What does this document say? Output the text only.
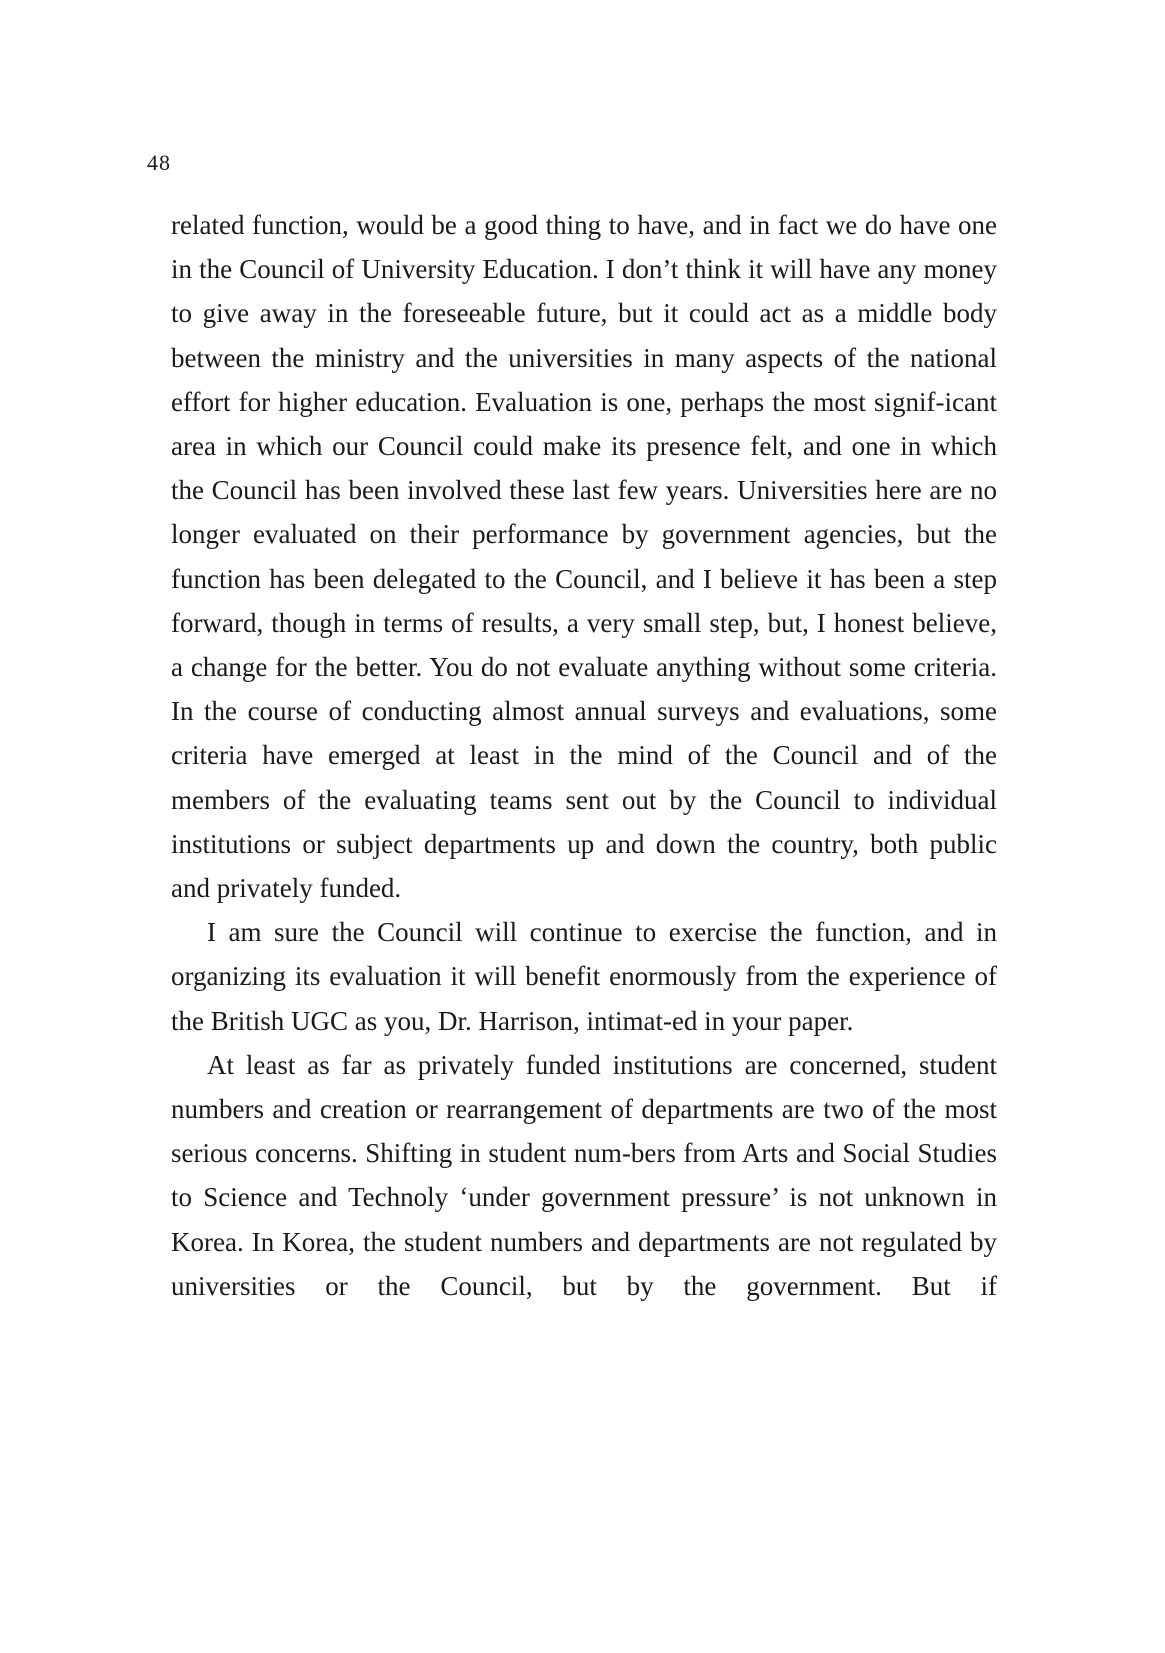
48

related function, would be a good thing to have, and in fact we do have one in the Council of University Education. I don’t think it will have any money to give away in the foreseeable future, but it could act as a middle body between the ministry and the universities in many aspects of the national effort for higher education. Evaluation is one, perhaps the most signif-icant area in which our Council could make its presence felt, and one in which the Council has been involved these last few years. Universities here are no longer evaluated on their performance by government agencies, but the function has been delegated to the Council, and I believe it has been a step forward, though in terms of results, a very small step, but, I honest believe, a change for the better. You do not evaluate anything without some criteria. In the course of conducting almost annual surveys and evaluations, some criteria have emerged at least in the mind of the Council and of the members of the evaluating teams sent out by the Council to individual institutions or subject departments up and down the country, both public and privately funded.

I am sure the Council will continue to exercise the function, and in organizing its evaluation it will benefit enormously from the experience of the British UGC as you, Dr. Harrison, intimat-ed in your paper.

At least as far as privately funded institutions are concerned, student numbers and creation or rearrangement of departments are two of the most serious concerns. Shifting in student num-bers from Arts and Social Studies to Science and Technoly ‘under government pressure’ is not unknown in Korea. In Korea, the student numbers and departments are not regulated by universities or the Council, but by the government. But if
